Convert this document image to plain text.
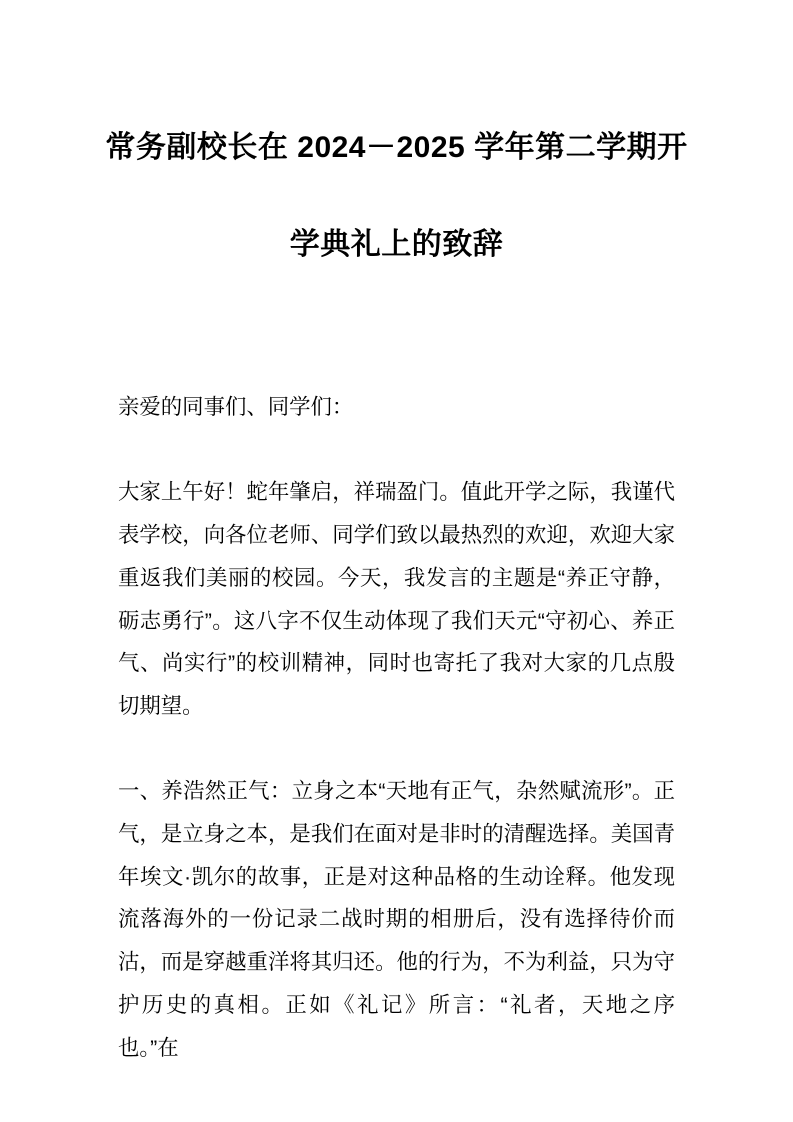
常务副校长在 2024－2025 学年第二学期开
学典礼上的致辞

亲爱的同事们、同学们：

大家上午好！蛇年肇启，祥瑞盈门。值此开学之际，我谨代表学校，向各位老师、同学们致以最热烈的欢迎，欢迎大家重返我们美丽的校园。今天，我发言的主题是“养正守静，砺志勇行”。这八字不仅生动体现了我们天元“守初心、养正气、尚实行”的校训精神，同时也寄托了我对大家的几点殷切期望。

一、养浩然正气：立身之本“天地有正气，杂然赋流形”。正气，是立身之本，是我们在面对是非时的清醒选择。美国青年埃文·凯尔的故事，正是对这种品格的生动诠释。他发现流落海外的一份记录二战时期的相册后，没有选择待价而沽，而是穿越重洋将其归还。他的行为，不为利益，只为守护历史的真相。正如《礼记》所言：“礼者，天地之序也。”在
